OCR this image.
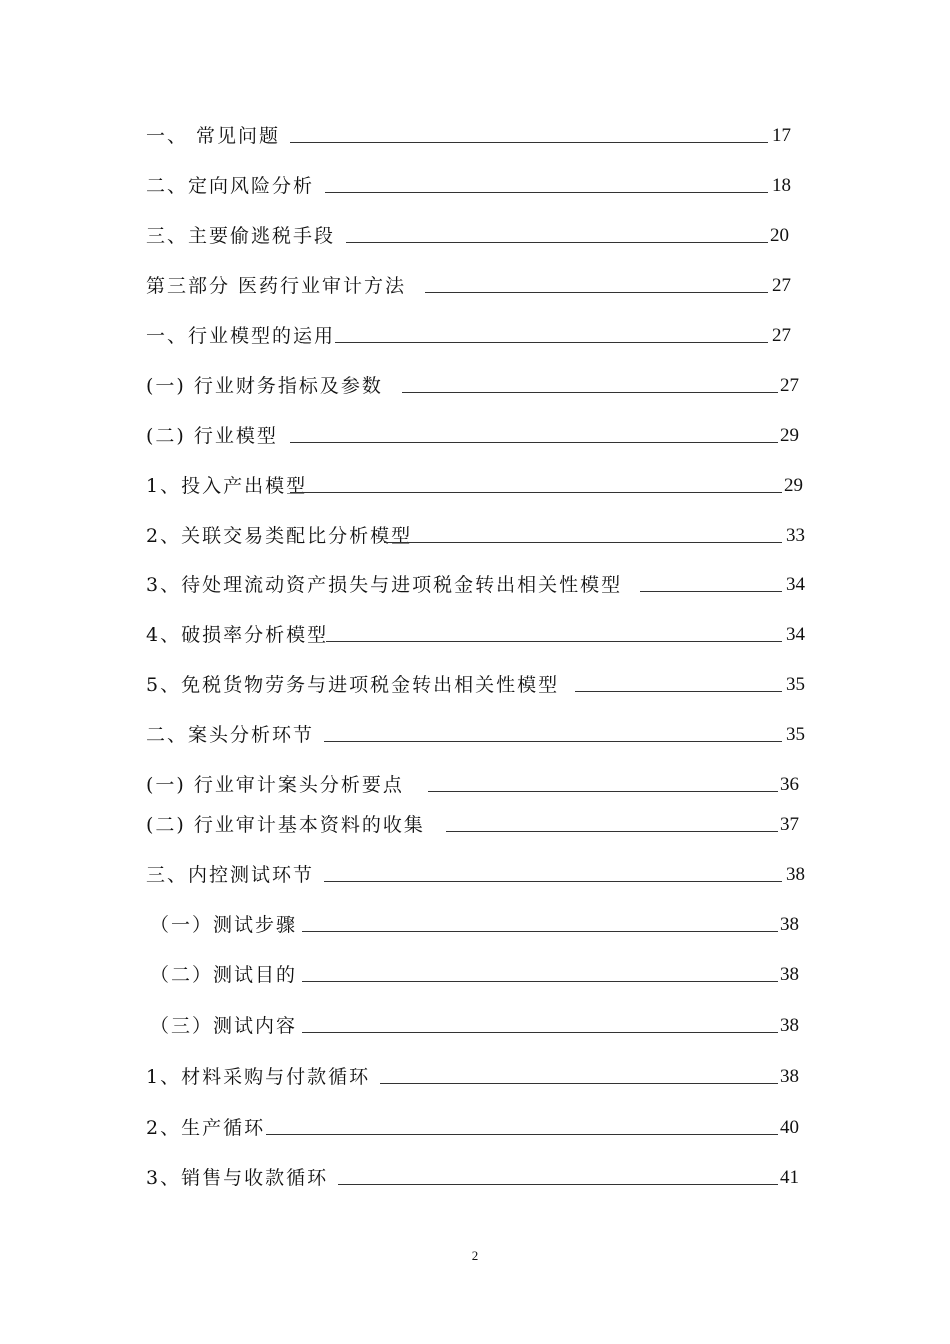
一、 常见问题	17
二、定向风险分析	18
三、主要偷逃税手段	20
第三部分 医药行业审计方法	27
一、行业模型的运用	27
(一) 行业财务指标及参数	27
(二) 行业模型	29
1、投入产出模型	29
2、关联交易类配比分析模型	33
3、待处理流动资产损失与进项税金转出相关性模型	34
4、破损率分析模型	34
5、免税货物劳务与进项税金转出相关性模型	35
二、案头分析环节	35
(一) 行业审计案头分析要点	36
(二) 行业审计基本资料的收集	37
三、内控测试环节	38
（一）测试步骤	38
（二）测试目的	38
（三）测试内容	38
1、材料采购与付款循环	38
2、生产循环	40
3、销售与收款循环	41
2
